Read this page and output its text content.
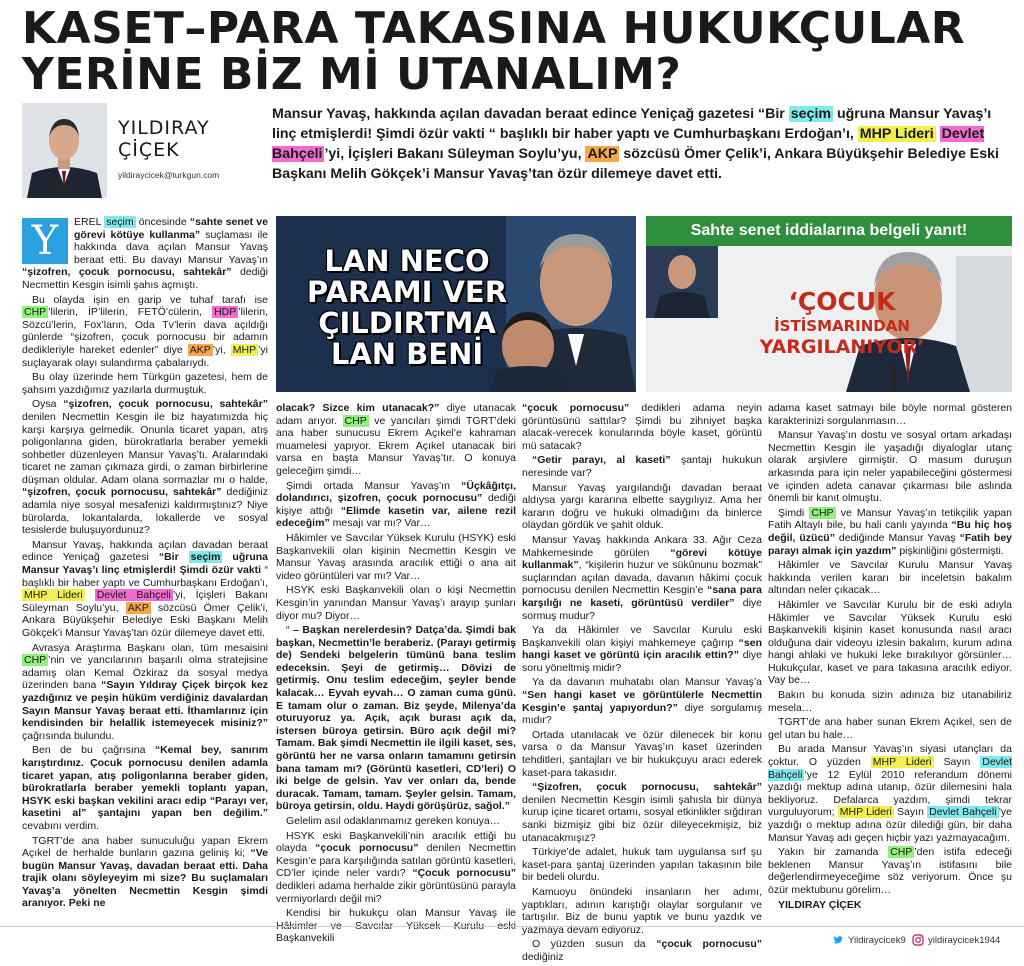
KASET–PARA TAKASINA HUKUKÇULAR YERİNE BİZ Mİ UTANALIM?
YILDIRAY
ÇİÇEK
yildiraycicek@turkgun.com

Mansur Yavaş, hakkında açılan davadan beraat edince Yeniçağ gazetesi “Bir seçim uğruna Mansur Yavaş’ı linç etmişlerdi! Şimdi özür vakti “ başlıklı bir haber yaptı ve Cumhurbaşkanı Erdoğan’ı, MHP Lideri Devlet Bahçeli ’yi, İçişleri Bakanı Süleyman Soylu’yu, AKP sözcüsü Ömer Çelik’i, Ankara Büyükşehir Belediye Eski Başkanı Melih Gökçek’i Mansur Yavaş’tan özür dilemeye davet etti.

Y	EREL seçim öncesinde “sahte senet ve görevi kötüye kullanma” suçlaması ile hakkında dava açılan Mansur Yavaş beraat etti. Bu davayı Mansur Yavaş’ın “şizofren, çocuk pornocusu, sahtekâr” dediği Necmettin Kesgin isimli şahıs açmıştı.

Bu olayda işin en garip ve tuhaf tarafı ise CHP ’lilerin, İP’lilerin, FETÖ’cülerin, HDP ’lilerin, Sözcü’lerin, Fox’ların, Oda Tv’lerin dava açıldığı günlerde “şizofren, çocuk pornocusu bir adamın dedikleriyle hareket edenler” diye AKP ’yi, MHP ’yi suçlayarak olayı sulandırma çabalarıydı.

Bu olay üzerinde hem Türkgün gazetesi, hem de şahsım yazdığımız yazılarla durmuştuk.

Oysa “şizofren, çocuk pornocusu, sahtekâr” denilen Necmettin Kesgin ile biz hayatımızda hiç karşı karşıya gelmedik. Onunla ticaret yapan, atış poligonlarına giden, bürokratlarla beraber yemekli sohbetler düzenleyen Mansur Yavaş’tı. Aralarındaki ticaret ne zaman çıkmaza girdi, o zaman birbirlerine düşman oldular. Adam olana sormazlar mı o halde, “şizofren, çocuk pornocusu, sahtekâr” dediğiniz adamla niye sosyal mesafenizi kaldırmıştınız? Niye bürolarda, lokantalarda, lokallerde ve sosyal tesislerde buluşuyordunuz?

Mansur Yavaş, hakkında açılan davadan beraat edince Yeniçağ gazetesi “Bir seçim uğruna Mansur Yavaş’ı linç etmişlerdi! Şimdi özür vakti “ başlıklı bir haber yaptı ve Cumhurbaşkanı Erdoğan’ı, MHP Lideri Devlet Bahçeli ’yi, İçişleri Bakanı Süleyman Soylu’yu, AKP sözcüsü Ömer Çelik’i, Ankara Büyükşehir Belediye Eski Başkanı Melih Gökçek’i Mansur Yavaş’tan özür dilemeye davet etti.

Avrasya Araştırma Başkanı olan, tüm mesaisini CHP ’nin ve yancılarının başarılı olma stratejisine adamış olan Kemal Özkiraz da sosyal medya üzerinden bana “Sayın Yıldıray Çiçek birçok kez yazdığınız ve peşin hüküm verdiğiniz davalardan Sayın Mansur Yavaş beraat etti. İthamlarınız için kendisinden bir helallik istemeyecek misiniz?” çağrısında bulundu.

Ben de bu çağrısına “Kemal bey, sanırım karıştırdınız. Çocuk pornocusu denilen adamla ticaret yapan, atış poligonlarına beraber giden, bürokratlarla beraber yemekli toplantı yapan, HSYK eski başkan vekilini aracı edip “Parayı ver, kasetini al” şantajını yapan ben değilim.” cevabını verdim.

TGRT’de ana haber sunuculuğu yapan Ekrem Açıkel de herhalde bunların gazına geliniş ki; “Ve bugün Mansur Yavaş, davadan beraat etti. Daha trajik olanı söyleyeyim mi size? Bu suçlamaları Yavaş’a yönelten Necmettin Kesgin şimdi aranıyor. Peki ne

LAN NECO
PARAMI VER
ÇILDIRTMA
LAN BENİ
Sahte senet iddialarına belgeli yanıt!
‘ÇOCUK
İSTİSMARINDAN
YARGILANIYOR’

olacak? Sizce kim utanacak?” diye utanacak adam arıyor. CHP ve yancıları şimdi TGRT’deki ana haber sunucusu Ekrem Açıkel’e kahraman muamelesi yapıyor. Ekrem Açıkel utanacak biri varsa en başta Mansur Yavaş’tır. O konuya geleceğim şimdi…

Şimdi ortada Mansur Yavaş’ın “Üçkâğıtçı, dolandırıcı, şizofren, çocuk pornocusu” dediği kişiye attığı “Elimde kasetin var, ailene rezil edeceğim” mesajı var mı? Var…

Hâkimler ve Savcılar Yüksek Kurulu (HSYK) eski Başkanvekili olan kişinin Necmettin Kesgin ve Mansur Yavaş arasında aracılık ettiği o ana ait video görüntüleri var mı? Var…

HSYK eski Başkanvekili olan o kişi Necmettin Kesgin’in yanından Mansur Yavaş’ı arayıp şunları diyor mu? Diyor…

“ – Başkan nerelerdesin? Datça’da. Şimdi bak başkan, Necmettin’le beraberiz. (Parayı getirmiş de) Sendeki belgelerin tümünü bana teslim edeceksin. Şeyi de getirmiş… Dövizi de getirmiş. Onu teslim edeceğim, şeyler bende kalacak… Eyvah eyvah… O zaman cuma günü. E tamam olur o zaman. Biz şeyde, Milenya’da oturuyoruz ya. Açık, açık burası açık da, istersen büroya getirsin. Büro açık değil mi? Tamam. Bak şimdi Necmettin ile ilgili kaset, ses, görüntü her ne varsa onların tamamını getirsin bana tamam mı? (Görüntü kasetleri, CD’leri) O iki belge de gelsin. Yav ver onları da, bende duracak. Tamam, tamam. Şeyler gelsin. Tamam, büroya getirsin, oldu. Haydi görüşürüz, sağol.”

Gelelim asıl odaklanmamız gereken konuya…

HSYK eski Başkanvekili’nin aracılık ettiği bu olayda “çocuk pornocusu” denilen Necmettin Kesgin’e para karşılığında satılan görüntü kasetleri, CD’ler içinde neler vardı? “Çocuk pornocusu” dedikleri adama herhalde zikir görüntüsünü parayla vermiyorlardı değil mi?

Kendisi bir hukukçu olan Mansur Yavaş ile Hâkimler ve Savcılar Yüksek Kurulu eski Başkanvekili

“çocuk pornocusu” dedikleri adama neyin görüntüsünü sattılar? Şimdi bu zihniyet başka alacak-verecek konularında böyle kaset, görüntü mü satacak?

“Getir parayı, al kaseti” şantajı hukukun neresinde var?

Mansur Yavaş yargılandığı davadan beraat aldıysa yargı kararına elbette saygılıyız. Ama her kararın doğru ve hukuki olmadığını da binlerce olaydan gördük ve şahit olduk.

Mansur Yavaş hakkında Ankara 33. Ağır Ceza Mahkemesinde görülen “görevi kötüye kullanmak”, “kişilerin huzur ve sükûnunu bozmak” suçlarından açılan davada, davanın hâkimi çocuk pornocusu denilen Necmettin Kesgin’e “sana para karşılığı ne kaseti, görüntüsü verdiler” diye sormuş mudur?

Ya da Hâkimler ve Savcılar Kurulu eski Başkanvekili olan kişiyi mahkemeye çağırıp “sen hangi kaset ve görüntü için aracılık ettin?” diye soru yöneltmiş midir?

Ya da davanın muhatabı olan Mansur Yavaş’a “Sen hangi kaset ve görüntülerle Necmettin Kesgin’e şantaj yapıyordun?” diye sorgulamış mıdır?

Ortada utanılacak ve özür dilenecek bir konu varsa o da Mansur Yavaş’ın kaset üzerinden tehditleri, şantajları ve bir hukukçuyu aracı ederek kaset-para takasıdır.

“Şizofren, çocuk pornocusu, sahtekâr” denilen Necmettin Kesgin isimli şahısla bir dünya kurup içine ticaret ortamı, sosyal etkinlikler sığdıran sanki bizmişiz gibi biz özür dileyecekmişiz, biz utanacakmışız?

Türkiye’de adalet, hukuk tam uygulansa sırf şu kaset-para şantaj üzerinden yapılan takasının bile bir bedeli olurdu.

Kamuoyu önündeki insanların her adımı, yaptıkları, adının karıştığı olaylar sorgulanır ve tartışılır. Biz de bunu yaptık ve bunu yazdık ve yazmaya devam ediyoruz.

O yüzden susun da “çocuk pornocusu” dediğiniz

adama kaset satmayı bile böyle normal gösteren karakterinizi sorgulanmasın…

Mansur Yavaş’ın dostu ve sosyal ortam arkadaşı Necmettin Kesgin ile yaşadığı diyaloglar utanç olarak arşivlere girmiştir. O masum duruşun arkasında para için neler yapabileceğini göstermesi ve içinden adeta canavar çıkarması bile aslında önemli bir kanıt olmuştu.

Şimdi CHP ve Mansur Yavaş’ın tetikçilik yapan Fatih Altaylı bile, bu hali canlı yayında “Bu hiç hoş değil, üzücü” dediğinde Mansur Yavaş “Fatih bey parayı almak için yazdım” pişkinliğini göstermişti.

Hâkimler ve Savcılar Kurulu Mansur Yavaş hakkında verilen kararı bir inceletsin bakalım altından neler çıkacak…

Hâkimler ve Savcılar Kurulu bir de eski adıyla Hâkimler ve Savcılar Yüksek Kurulu eski Başkanvekili kişinin kaset konusunda nasıl aracı olduğuna dair videoyu izlesin bakalım, kurum adına hangi ahlaki ve hukuki leke bırakılıyor görsünler… Hukukçular, kaset ve para takasına aracılık ediyor. Vay be…

Bakın bu konuda sizin adınıza biz utanabiliriz mesela…

TGRT’de ana haber sunan Ekrem Açıkel, sen de gel utan bu hale…

Bu arada Mansur Yavaş’ın siyasi utançları da çoktur. O yüzden MHP Lideri Sayın Devlet Bahçeli ’ye 12 Eylül 2010 referandum dönemi yazdığı mektup adına utanıp, özür dilemesini hala bekliyoruz. Defalarca yazdım, şimdi tekrar vurguluyorum; MHP Lideri Sayın Devlet Bahçeli ’ye yazdığı o mektup adına özür dilediği gün, bir daha Mansur Yavaş adı geçen hiçbir yazı yazmayacağım.

Yakın bir zamanda CHP ’den istifa edeceği beklenen Mansur Yavaş’ın istifasını bile değerlendirmeyeceğime söz veriyorum. Önce şu özür mektubunu görelim…

YILDIRAY ÇİÇEK

Yildiraycicek9 yildiraycicek1944
